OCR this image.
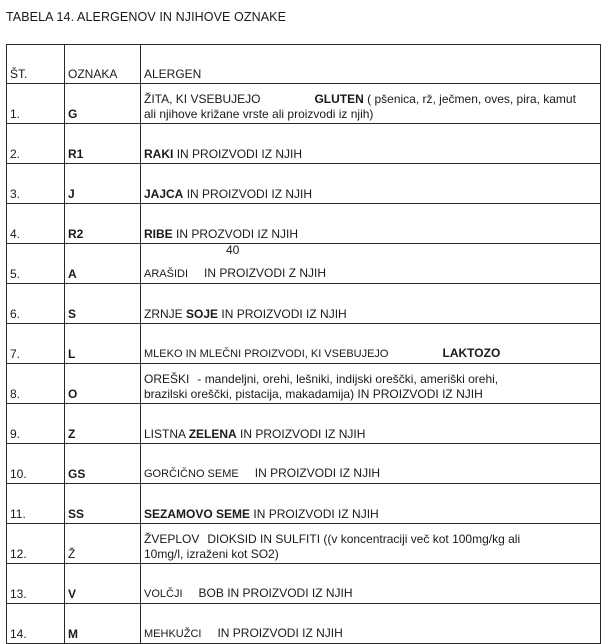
TABELA 14. ALERGENOV IN NJIHOVE OZNAKE
ŠT.	OZNAKA	ALERGEN
1.	G	ŽITA, KI VSEBUJEJO GLUTEN ( pšenica, rž, ječmen, oves, pira, kamut
ali njihove križane vrste ali proizvodi iz njih)
2.	R1	RAKI IN PROIZVODI IZ NJIH
3.	J	JAJCA IN PROIZVODI IZ NJIH
4.	R2	RIBE IN PROZVODI IZ NJIH
5.	A	ARAŠIDI IN PROIZVODI Z NJIH
6.	S	ZRNJE SOJE IN PROIZVODI IZ NJIH
7.	L	MLEKO IN MLEČNI PROIZVODI, KI VSEBUJEJO LAKTOZO
8.	O	OREŠKI - mandeljni, orehi, lešniki, indijski oreščki, ameriški orehi,
brazilski oreščki, pistacija, makadamija) IN PROIZVODI IZ NJIH
9.	Z	LISTNA ZELENA IN PROIZVODI IZ NJIH
10.	GS	GORČIČNO SEME IN PROIZVODI IZ NJIH
11.	SS	SEZAMOVO SEME IN PROIZVODI IZ NJIH
12.	Ž	ŽVEPLOV DIOKSID IN SULFITI ((v koncentraciji več kot 100mg/kg ali
10mg/l, izraženi kot SO2)
13.	V	VOLČJI BOB IN PROIZVODI IZ NJIH
14.	M	MEHKUŽCI IN PROIZVODI IZ NJIH
40
